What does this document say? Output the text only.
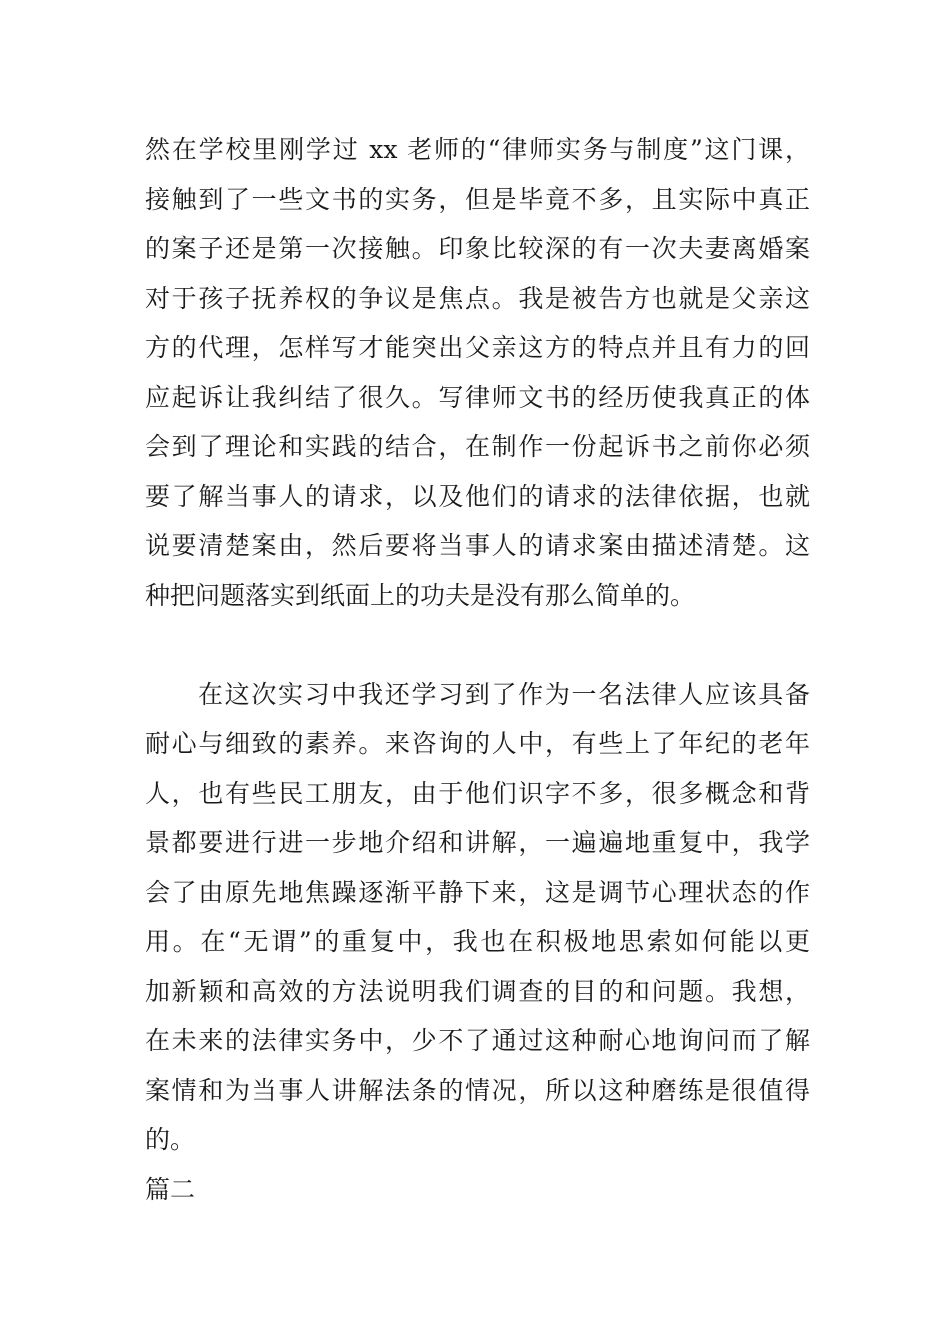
然在学校里刚学过 xx 老师的“律师实务与制度”这门课，

接触到了一些文书的实务，但是毕竟不多，且实际中真正

的案子还是第一次接触。印象比较深的有一次夫妻离婚案

对于孩子抚养权的争议是焦点。我是被告方也就是父亲这

方的代理，怎样写才能突出父亲这方的特点并且有力的回

应起诉让我纠结了很久。写律师文书的经历使我真正的体

会到了理论和实践的结合，在制作一份起诉书之前你必须

要了解当事人的请求，以及他们的请求的法律依据，也就

说要清楚案由，然后要将当事人的请求案由描述清楚。这

种把问题落实到纸面上的功夫是没有那么简单的。

在这次实习中我还学习到了作为一名法律人应该具备

耐心与细致的素养。来咨询的人中，有些上了年纪的老年

人，也有些民工朋友，由于他们识字不多，很多概念和背

景都要进行进一步地介绍和讲解，一遍遍地重复中，我学

会了由原先地焦躁逐渐平静下来，这是调节心理状态的作

用。在“无谓”的重复中，我也在积极地思索如何能以更

加新颖和高效的方法说明我们调查的目的和问题。我想，

在未来的法律实务中，少不了通过这种耐心地询问而了解

案情和为当事人讲解法条的情况，所以这种磨练是很值得

的。

篇二
